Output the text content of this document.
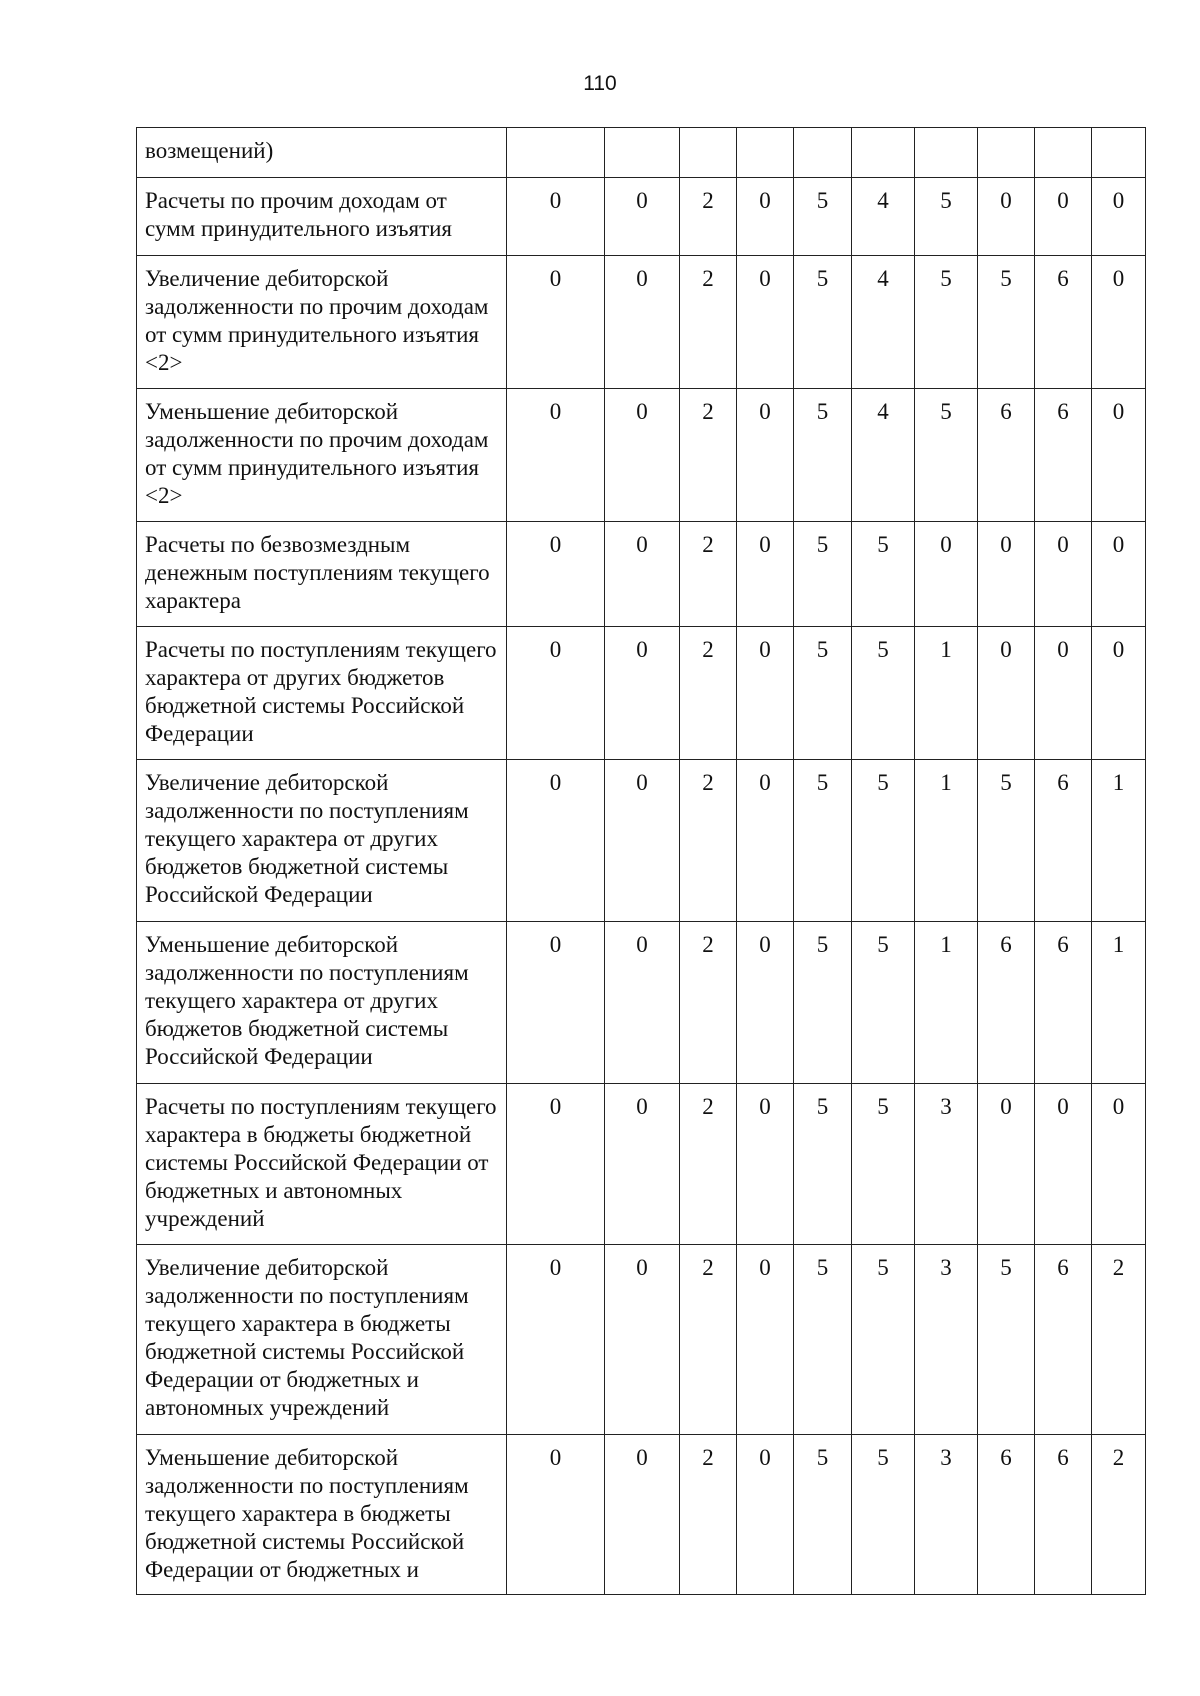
110
возмещений)										
Расчеты по прочим доходам от сумм принудительного изъятия	0	0	2	0	5	4	5	0	0	0
Увеличение дебиторской задолженности по прочим доходам от сумм принудительного изъятия <2>	0	0	2	0	5	4	5	5	6	0
Уменьшение дебиторской задолженности по прочим доходам от сумм принудительного изъятия <2>	0	0	2	0	5	4	5	6	6	0
Расчеты по безвозмездным денежным поступлениям текущего характера	0	0	2	0	5	5	0	0	0	0
Расчеты по поступлениям текущего характера от других бюджетов бюджетной системы Российской Федерации	0	0	2	0	5	5	1	0	0	0
Увеличение дебиторской задолженности по поступлениям текущего характера от других бюджетов бюджетной системы Российской Федерации	0	0	2	0	5	5	1	5	6	1
Уменьшение дебиторской задолженности по поступлениям текущего характера от других бюджетов бюджетной системы Российской Федерации	0	0	2	0	5	5	1	6	6	1
Расчеты по поступлениям текущего характера в бюджеты бюджетной системы Российской Федерации от бюджетных и автономных учреждений	0	0	2	0	5	5	3	0	0	0
Увеличение дебиторской задолженности по поступлениям текущего характера в бюджеты бюджетной системы Российской Федерации от бюджетных и автономных учреждений	0	0	2	0	5	5	3	5	6	2
Уменьшение дебиторской задолженности по поступлениям текущего характера в бюджеты бюджетной системы Российской Федерации от бюджетных и	0	0	2	0	5	5	3	6	6	2
